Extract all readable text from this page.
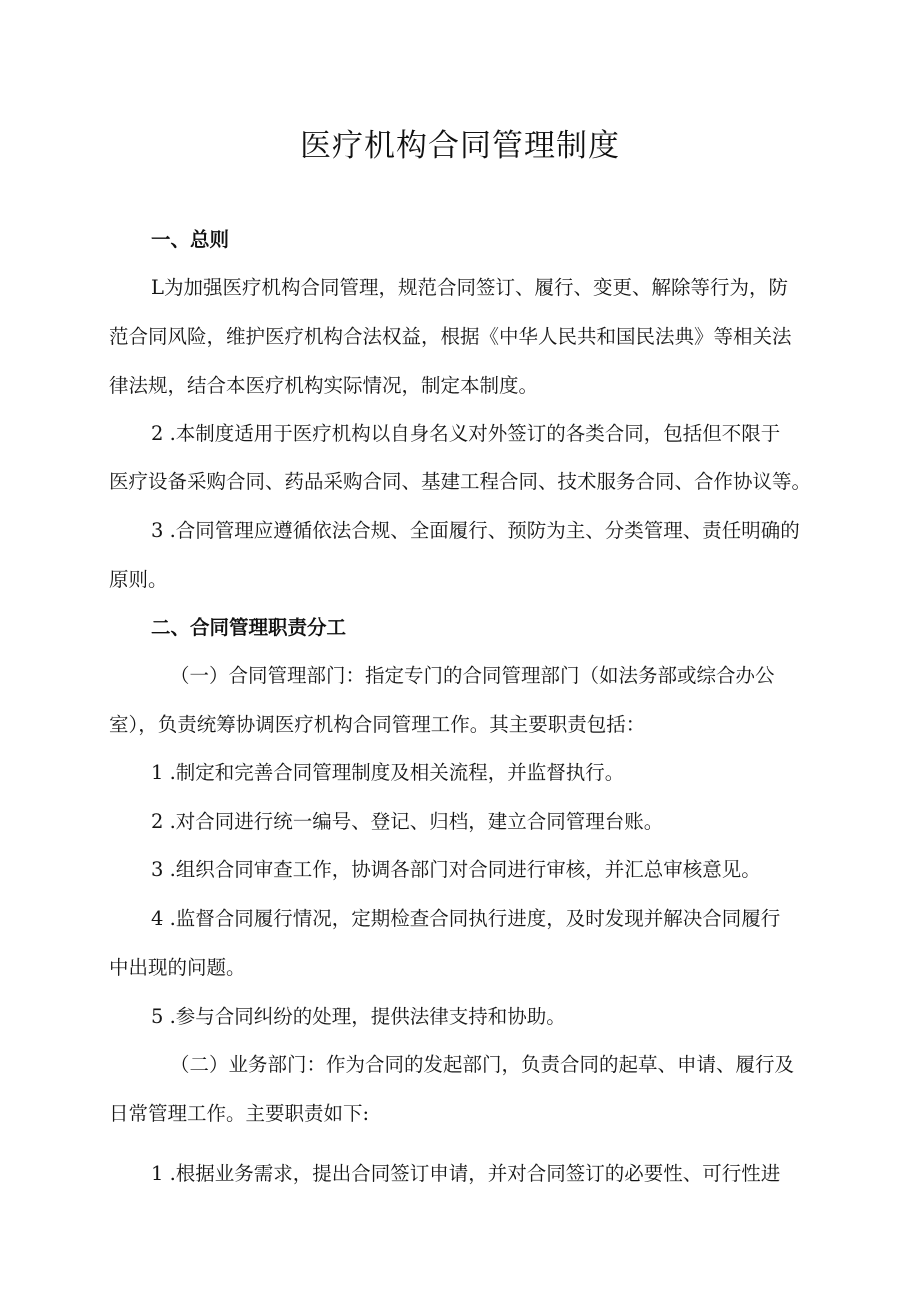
医疗机构合同管理制度
一、总则
L为加强医疗机构合同管理，规范合同签订、履行、变更、解除等行为，防
范合同风险，维护医疗机构合法权益，根据《中华人民共和国民法典》等相关法
律法规，结合本医疗机构实际情况，制定本制度。
2 .本制度适用于医疗机构以自身名义对外签订的各类合同，包括但不限于
医疗设备采购合同、药品采购合同、基建工程合同、技术服务合同、合作协议等。
3 .合同管理应遵循依法合规、全面履行、预防为主、分类管理、责任明确的
原则。
二、合同管理职责分工
（一）合同管理部门：指定专门的合同管理部门（如法务部或综合办公
室），负责统筹协调医疗机构合同管理工作。其主要职责包括：
1 .制定和完善合同管理制度及相关流程，并监督执行。
2 .对合同进行统一编号、登记、归档，建立合同管理台账。
3 .组织合同审查工作，协调各部门对合同进行审核，并汇总审核意见。
4 .监督合同履行情况，定期检查合同执行进度，及时发现并解决合同履行
中出现的问题。
5 .参与合同纠纷的处理，提供法律支持和协助。
（二）业务部门：作为合同的发起部门，负责合同的起草、申请、履行及
日常管理工作。主要职责如下:
1 .根据业务需求，提出合同签订申请，并对合同签订的必要性、可行性进
